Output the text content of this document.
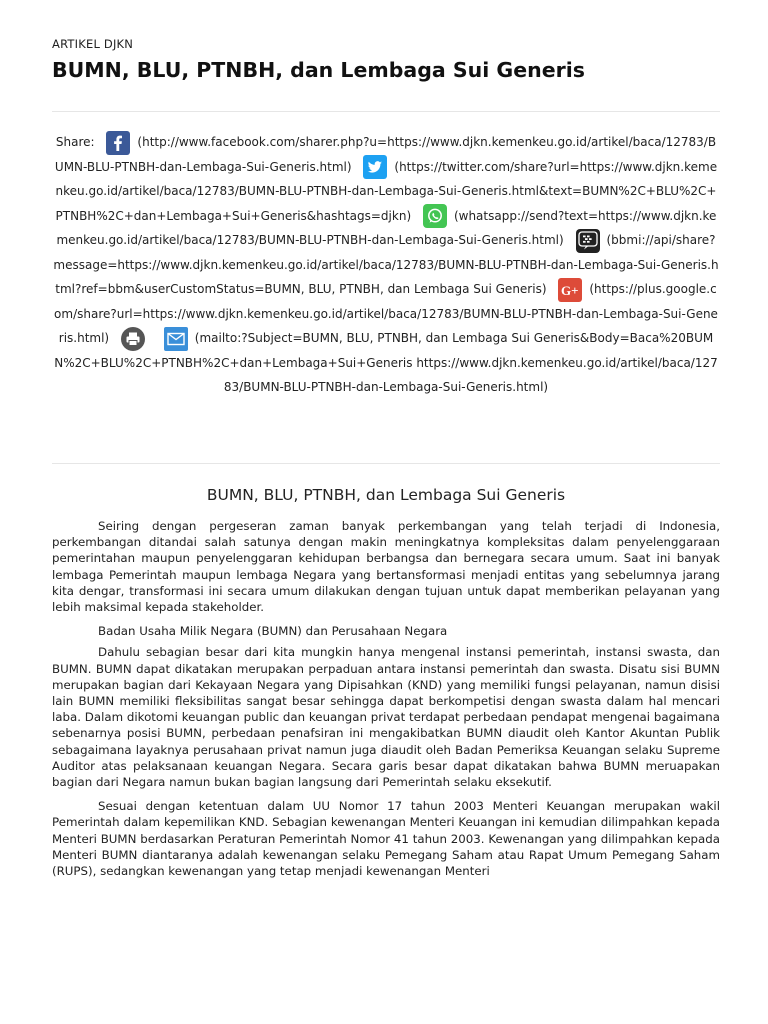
ARTIKEL DJKN
BUMN, BLU, PTNBH, dan Lembaga Sui Generis
Share:	(http://www.facebook.com/sharer.php?u=https://www.djkn.kemenkeu.go.id/artikel/baca/12783/BUMN-BLU-PTNBH-dan-Lembaga-Sui-Generis.html)	(https://twitter.com/share?url=https://www.djkn.kemenkeu.go.id/artikel/baca/12783/BUMN-BLU-PTNBH-dan-Lembaga-Sui-Generis.html&text=BUMN%2C+BLU%2C+PTNBH%2C+dan+Lembaga+Sui+Generis&hashtags=djkn)	(whatsapp://send?text=https://www.djkn.kemenkeu.go.id/artikel/baca/12783/BUMN-BLU-PTNBH-dan-Lembaga-Sui-Generis.html)	(bbmi://api/share?message=https://www.djkn.kemenkeu.go.id/artikel/baca/12783/BUMN-BLU-PTNBH-dan-Lembaga-Sui-Generis.html?ref=bbm&userCustomStatus=BUMN, BLU, PTNBH, dan Lembaga Sui Generis) G+ (https://plus.google.com/share?url=https://www.djkn.kemenkeu.go.id/artikel/baca/12783/BUMN-BLU-PTNBH-dan-Lembaga-Sui-Generis.html)
	(mailto:?Subject=BUMN, BLU, PTNBH, dan Lembaga Sui Generis&Body=Baca%20BUMN%2C+BLU%2C+PTNBH%2C+dan+Lembaga+Sui+Generis https://www.djkn.kemenkeu.go.id/artikel/baca/12783/BUMN-BLU-PTNBH-dan-Lembaga-Sui-Generis.html)
BUMN, BLU, PTNBH, dan Lembaga Sui Generis

Seiring dengan pergeseran zaman banyak perkembangan yang telah terjadi di Indonesia, perkembangan ditandai salah satunya dengan makin meningkatnya kompleksitas dalam penyelenggaraan pemerintahan maupun penyelenggaran kehidupan berbangsa dan bernegara secara umum. Saat ini banyak lembaga Pemerintah maupun lembaga Negara yang bertansformasi menjadi entitas yang sebelumnya jarang kita dengar, transformasi ini secara umum dilakukan dengan tujuan untuk dapat memberikan pelayanan yang lebih maksimal kepada stakeholder.

Badan Usaha Milik Negara (BUMN) dan Perusahaan Negara

Dahulu sebagian besar dari kita mungkin hanya mengenal instansi pemerintah, instansi swasta, dan BUMN. BUMN dapat dikatakan merupakan perpaduan antara instansi pemerintah dan swasta. Disatu sisi BUMN merupakan bagian dari Kekayaan Negara yang Dipisahkan (KND) yang memiliki fungsi pelayanan, namun disisi lain BUMN memiliki fleksibilitas sangat besar sehingga dapat berkompetisi dengan swasta dalam hal mencari laba. Dalam dikotomi keuangan public dan keuangan privat terdapat perbedaan pendapat mengenai bagaimana sebenarnya posisi BUMN, perbedaan penafsiran ini mengakibatkan BUMN diaudit oleh Kantor Akuntan Publik sebagaimana layaknya perusahaan privat namun juga diaudit oleh Badan Pemeriksa Keuangan selaku Supreme Auditor atas pelaksanaan keuangan Negara. Secara garis besar dapat dikatakan bahwa BUMN meruapakan bagian dari Negara namun bukan bagian langsung dari Pemerintah selaku eksekutif.

Sesuai dengan ketentuan dalam UU Nomor 17 tahun 2003 Menteri Keuangan merupakan wakil Pemerintah dalam kepemilikan KND. Sebagian kewenangan Menteri Keuangan ini kemudian dilimpahkan kepada Menteri BUMN berdasarkan Peraturan Pemerintah Nomor 41 tahun 2003. Kewenangan yang dilimpahkan kepada Menteri BUMN diantaranya adalah kewenangan selaku Pemegang Saham atau Rapat Umum Pemegang Saham (RUPS), sedangkan kewenangan yang tetap menjadi kewenangan Menteri
